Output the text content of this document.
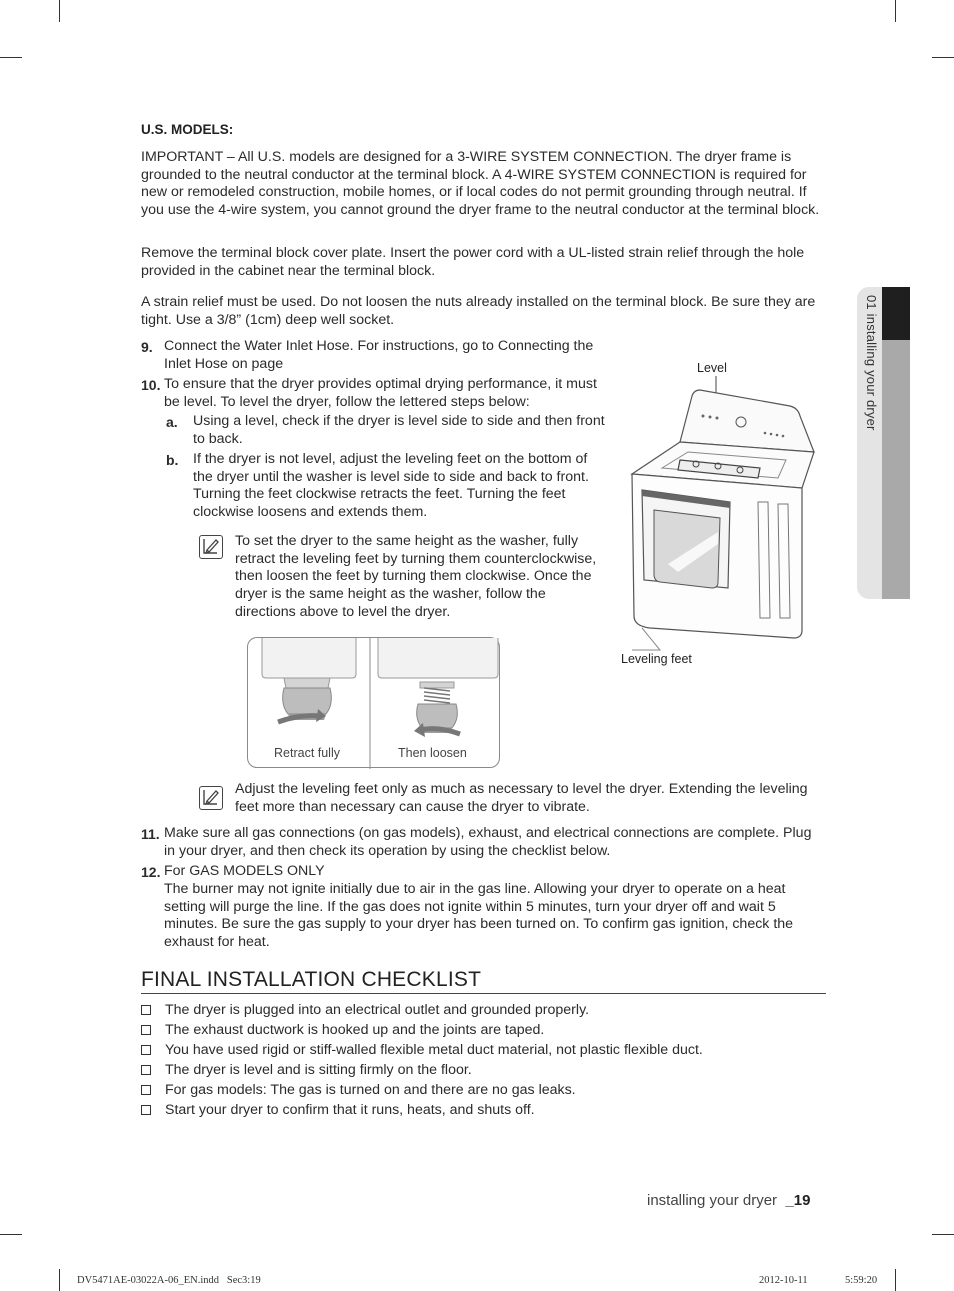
01 installing your dryer
U.S. MODELS:
IMPORTANT – All U.S. models are designed for a 3-WIRE SYSTEM CONNECTION. The dryer frame is grounded to the neutral conductor at the terminal block. A 4-WIRE SYSTEM CONNECTION is required for new or remodeled construction, mobile homes, or if local codes do not permit grounding through neutral. If you use the 4-wire system, you cannot ground the dryer frame to the neutral conductor at the terminal block.
Remove the terminal block cover plate. Insert the power cord with a UL-listed strain relief through the hole provided in the cabinet near the terminal block.
A strain relief must be used. Do not loosen the nuts already installed on the terminal block. Be sure they are tight. Use a 3/8” (1cm) deep well socket.
9. Connect the Water Inlet Hose. For instructions, go to Connecting the Inlet Hose on page
10. To ensure that the dryer provides optimal drying performance, it must be level. To level the dryer, follow the lettered steps below:
a. Using a level, check if the dryer is level side to side and then front to back.
b. If the dryer is not level, adjust the leveling feet on the bottom of the dryer until the washer is level side to side and back to front. Turning the feet clockwise retracts the feet. Turning the feet clockwise loosens and extends them.
To set the dryer to the same height as the washer, fully retract the leveling feet by turning them counterclockwise, then loosen the feet by turning them clockwise. Once the dryer is the same height as the washer, follow the directions above to level the dryer.
Retract fully	Then loosen
Level
Leveling feet
Adjust the leveling feet only as much as necessary to level the dryer. Extending the leveling feet more than necessary can cause the dryer to vibrate.
11. Make sure all gas connections (on gas models), exhaust, and electrical connections are complete. Plug in your dryer, and then check its operation by using the checklist below.
12. For GAS MODELS ONLY
The burner may not ignite initially due to air in the gas line. Allowing your dryer to operate on a heat setting will purge the line. If the gas does not ignite within 5 minutes, turn your dryer off and wait 5 minutes. Be sure the gas supply to your dryer has been turned on. To confirm gas ignition, check the exhaust for heat.
FINAL INSTALLATION CHECKLIST
The dryer is plugged into an electrical outlet and grounded properly.
The exhaust ductwork is hooked up and the joints are taped.
You have used rigid or stiff-walled flexible metal duct material, not plastic flexible duct.
The dryer is level and is sitting firmly on the floor.
For gas models: The gas is turned on and there are no gas leaks.
Start your dryer to confirm that it runs, heats, and shuts off.
installing your dryer _19
DV5471AE-03022A-06_EN.indd   Sec3:19	2012-10-11	5:59:20
